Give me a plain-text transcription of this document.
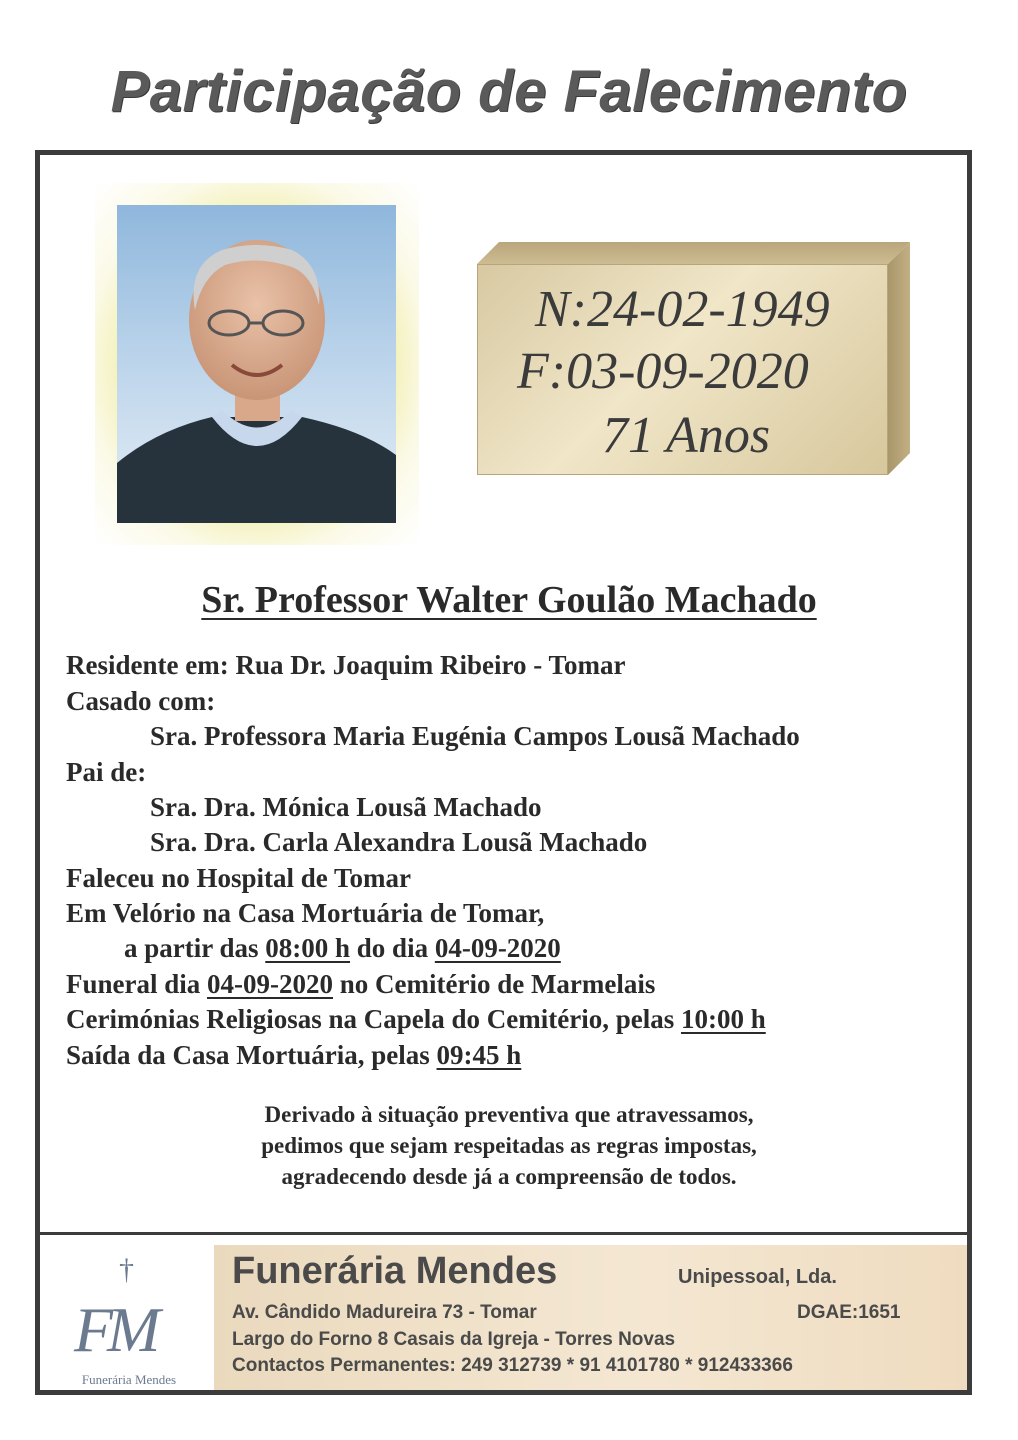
Participação de Falecimento
N:24-02-1949
F:03-09-2020
71 Anos
Sr. Professor Walter Goulão Machado
Residente em: Rua Dr. Joaquim Ribeiro - Tomar
Casado com:
Sra. Professora Maria Eugénia Campos Lousã Machado
Pai de:
Sra. Dra. Mónica Lousã Machado
Sra. Dra. Carla Alexandra Lousã Machado
Faleceu no Hospital de Tomar
Em Velório na Casa Mortuária de Tomar,
a partir das 08:00 h do dia 04-09-2020
Funeral dia 04-09-2020 no Cemitério de Marmelais
Cerimónias Religiosas na Capela do Cemitério, pelas 10:00 h
Saída da Casa Mortuária, pelas 09:45 h
Derivado à situação preventiva que atravessamos,
pedimos que sejam respeitadas as regras impostas,
agradecendo desde já a compreensão de todos.
†
FM
Funerária Mendes
Funerária Mendes	Unipessoal, Lda.
Av. Cândido Madureira 73 - Tomar	DGAE:1651
Largo do Forno 8 Casais da Igreja - Torres Novas
Contactos Permanentes: 249 312739 * 91 4101780 * 912433366
